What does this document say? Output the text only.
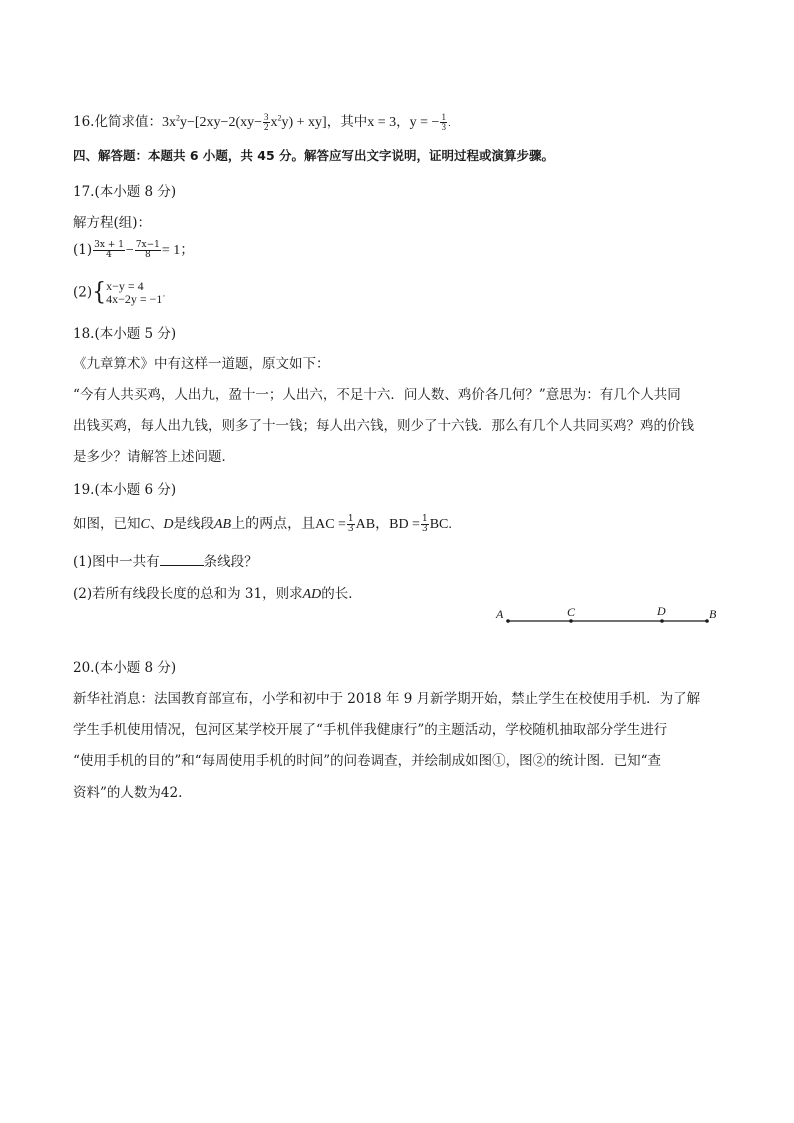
16.化简求值：$3x^2y-[2xy-2(xy- \frac{3}{2} x^2y) + xy]$，其中x = 3，y = − $\frac{1}{3}$ .
四、解答题：本题共 6 小题，共 45 分。解答应写出文字说明，证明过程或演算步骤。
17.(本小题 8 分)
解方程(组)：
$(1) \frac{3x + 1}{4} - \frac{7x-1}{8} = 1$；
(2){ x−y = 4
4x−2y = −1 .
18.(本小题 5 分)
《九章算术》中有这样一道题，原文如下：
“今有人共买鸡，人出九，盈十一；人出六，不足十六．问人数、鸡价各几何？”意思为：有几个人共同
出钱买鸡，每人出九钱，则多了十一钱；每人出六钱，则少了十六钱．那么有几个人共同买鸡？鸡的价钱
是多少？请解答上述问题．
19.(本小题 6 分)
如图，已知C、D是线段AB上的两点，且AC = $\frac{1}{3}$ AB，BD = $\frac{1}{3}$ BC.
(1)图中一共有	条线段？
(2)若所有线段长度的总和为 31，则求AD的长．
A	C	D	B
20.(本小题 8 分)
新华社消息：法国教育部宣布，小学和初中于 2018 年 9 月新学期开始，禁止学生在校使用手机．为了解
学生手机使用情况，包河区某学校开展了“手机伴我健康行”的主题活动，学校随机抽取部分学生进行
“使用手机的目的”和“每周使用手机的时间”的问卷调查，并绘制成如图①，图②的统计图．已知“查
资料”的人数为42.
